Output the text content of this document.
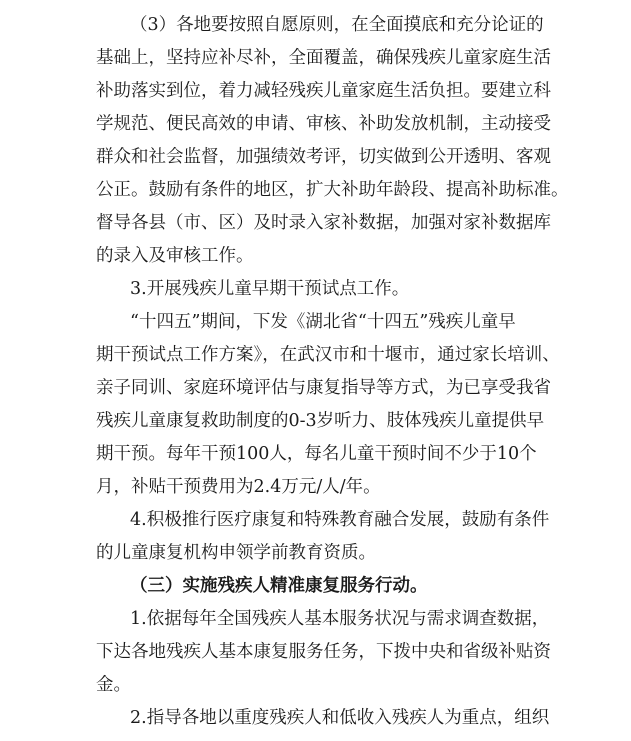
（3）各地要按照自愿原则，在全面摸底和充分论证的
基础上，坚持应补尽补，全面覆盖，确保残疾儿童家庭生活
补助落实到位，着力减轻残疾儿童家庭生活负担。要建立科
学规范、便民高效的申请、审核、补助发放机制，主动接受
群众和社会监督，加强绩效考评，切实做到公开透明、客观
公正。鼓励有条件的地区，扩大补助年龄段、提高补助标准。
督导各县（市、区）及时录入家补数据，加强对家补数据库
的录入及审核工作。
3.开展残疾儿童早期干预试点工作。
“十四五”期间，下发《湖北省“十四五”残疾儿童早
期干预试点工作方案》，在武汉市和十堰市，通过家长培训、
亲子同训、家庭环境评估与康复指导等方式，为已享受我省
残疾儿童康复救助制度的0-3岁听力、肢体残疾儿童提供早
期干预。每年干预100人，每名儿童干预时间不少于10个
月，补贴干预费用为2.4万元/人/年。
4.积极推行医疗康复和特殊教育融合发展，鼓励有条件
的儿童康复机构申领学前教育资质。
（三）实施残疾人精准康复服务行动。
1.依据每年全国残疾人基本服务状况与需求调查数据，
下达各地残疾人基本康复服务任务，下拨中央和省级补贴资
金。
2.指导各地以重度残疾人和低收入残疾人为重点，组织
